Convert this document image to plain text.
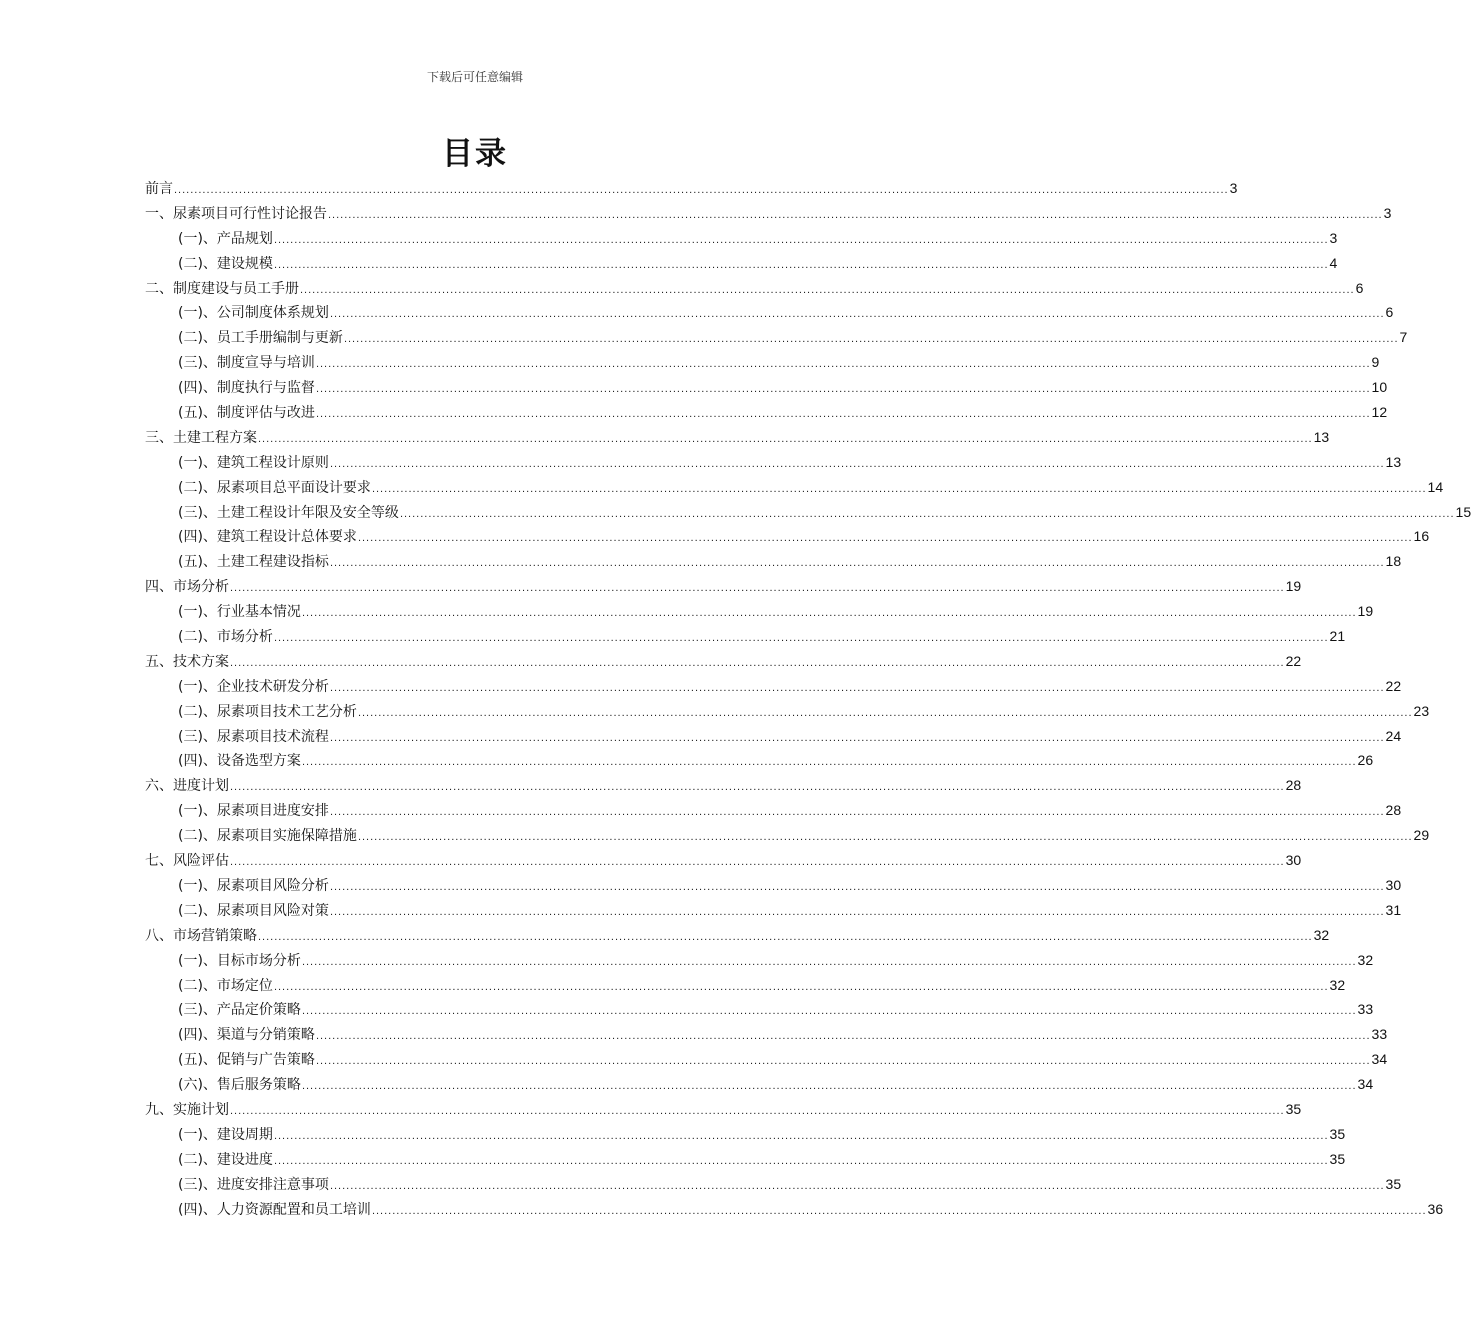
下载后可任意编辑
目录
前言 .................................................................................................................................................................................................................................................................... 3
一、尿素项目可行性讨论报告 .................................................................................................................................................................................................................................................................... 3
(一)、产品规划 .................................................................................................................................................................................................................................................................... 3
(二)、建设规模 .................................................................................................................................................................................................................................................................... 4
二、制度建设与员工手册 .................................................................................................................................................................................................................................................................... 6
(一)、公司制度体系规划 .................................................................................................................................................................................................................................................................... 6
(二)、员工手册编制与更新 .................................................................................................................................................................................................................................................................... 7
(三)、制度宣导与培训 .................................................................................................................................................................................................................................................................... 9
(四)、制度执行与监督 .................................................................................................................................................................................................................................................................... 10
(五)、制度评估与改进 .................................................................................................................................................................................................................................................................... 12
三、土建工程方案 .................................................................................................................................................................................................................................................................... 13
(一)、建筑工程设计原则 .................................................................................................................................................................................................................................................................... 13
(二)、尿素项目总平面设计要求 .................................................................................................................................................................................................................................................................... 14
(三)、土建工程设计年限及安全等级 .................................................................................................................................................................................................................................................................... 15
(四)、建筑工程设计总体要求 .................................................................................................................................................................................................................................................................... 16
(五)、土建工程建设指标 .................................................................................................................................................................................................................................................................... 18
四、市场分析 .................................................................................................................................................................................................................................................................... 19
(一)、行业基本情况 .................................................................................................................................................................................................................................................................... 19
(二)、市场分析 .................................................................................................................................................................................................................................................................... 21
五、技术方案 .................................................................................................................................................................................................................................................................... 22
(一)、企业技术研发分析 .................................................................................................................................................................................................................................................................... 22
(二)、尿素项目技术工艺分析 .................................................................................................................................................................................................................................................................... 23
(三)、尿素项目技术流程 .................................................................................................................................................................................................................................................................... 24
(四)、设备选型方案 .................................................................................................................................................................................................................................................................... 26
六、进度计划 .................................................................................................................................................................................................................................................................... 28
(一)、尿素项目进度安排 .................................................................................................................................................................................................................................................................... 28
(二)、尿素项目实施保障措施 .................................................................................................................................................................................................................................................................... 29
七、风险评估 .................................................................................................................................................................................................................................................................... 30
(一)、尿素项目风险分析 .................................................................................................................................................................................................................................................................... 30
(二)、尿素项目风险对策 .................................................................................................................................................................................................................................................................... 31
八、市场营销策略 .................................................................................................................................................................................................................................................................... 32
(一)、目标市场分析 .................................................................................................................................................................................................................................................................... 32
(二)、市场定位 .................................................................................................................................................................................................................................................................... 32
(三)、产品定价策略 .................................................................................................................................................................................................................................................................... 33
(四)、渠道与分销策略 .................................................................................................................................................................................................................................................................... 33
(五)、促销与广告策略 .................................................................................................................................................................................................................................................................... 34
(六)、售后服务策略 .................................................................................................................................................................................................................................................................... 34
九、实施计划 .................................................................................................................................................................................................................................................................... 35
(一)、建设周期 .................................................................................................................................................................................................................................................................... 35
(二)、建设进度 .................................................................................................................................................................................................................................................................... 35
(三)、进度安排注意事项 .................................................................................................................................................................................................................................................................... 35
(四)、人力资源配置和员工培训 .................................................................................................................................................................................................................................................................... 36
